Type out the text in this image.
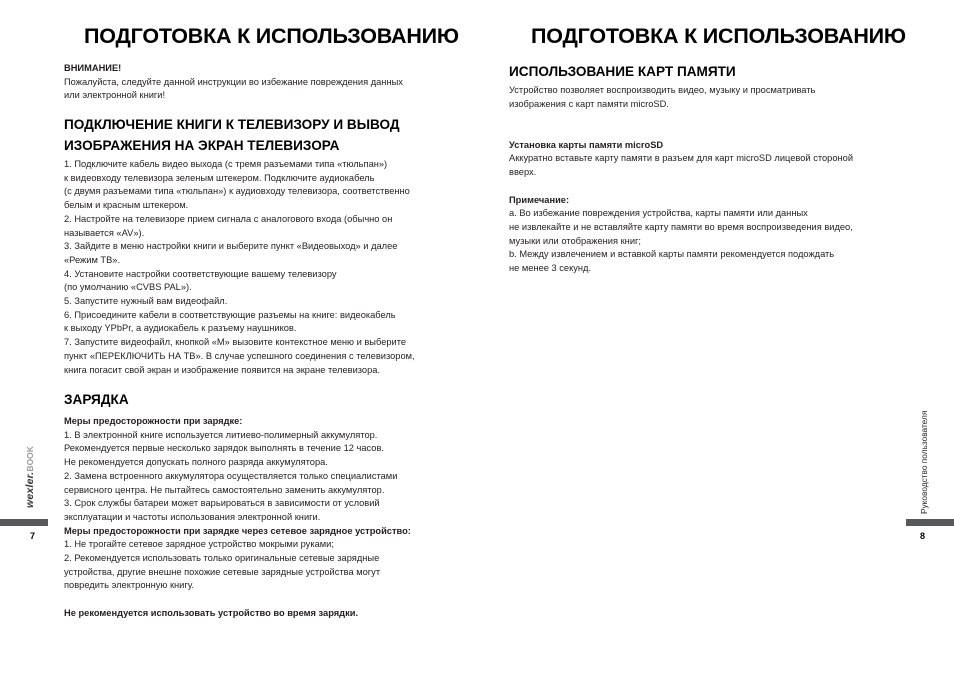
ПОДГОТОВКА К ИСПОЛЬЗОВАНИЮ

ВНИМАНИЕ!

Пожалуйста, следуйте данной инструкции во избежание повреждения данных

или электронной книги!

ПОДКЛЮЧЕНИЕ КНИГИ К ТЕЛЕВИЗОРУ И ВЫВОД
ИЗОБРАЖЕНИЯ НА ЭКРАН ТЕЛЕВИЗОРА

1. Подключите кабель видео выхода (с тремя разъемами типа «тюльпан»)

к видеовходу телевизора зеленым штекером. Подключите аудиокабель

(с двумя разъемами типа «тюльпан») к аудиовходу телевизора, соответственно

белым и красным штекером.

2. Настройте на телевизоре прием сигнала с аналогового входа (обычно он

называется «AV»).

3. Зайдите в меню настройки книги и выберите пункт «Видеовыход» и далее

«Режим ТВ».

4. Установите настройки соответствующие вашему телевизору

(по умолчанию «CVBS PAL»).

5. Запустите нужный вам видеофайл.

6. Присоедините кабели в соответствующие разъемы на книге: видеокабель

к выходу YPbPr, а аудиокабель к разъему наушников.

7. Запустите видеофайл, кнопкой «М» вызовите контекстное меню и выберите

пункт «ПЕРЕКЛЮЧИТЬ НА ТВ». В случае успешного соединения с телевизором,

книга погасит свой экран и изображение появится на экране телевизора.

ЗАРЯДКА

Меры предосторожности при зарядке:

1. В электронной книге используется литиево-полимерный аккумулятор.

Рекомендуется первые несколько зарядок выполнять в течение 12 часов.

Не рекомендуется допускать полного разряда аккумулятора.

2. Замена встроенного аккумулятора осуществляется только специалистами

сервисного центра. Не пытайтесь самостоятельно заменить аккумулятор.

3. Срок службы батареи может варьироваться в зависимости от условий

эксплуатации и частоты использования электронной книги.

Меры предосторожности при зарядке через сетевое зарядное устройство:

1. Не трогайте сетевое зарядное устройство мокрыми руками;

2. Рекомендуется использовать только оригинальные сетевые зарядные

устройства, другие внешне похожие сетевые зарядные устройства могут

повредить электронную книгу.

Не рекомендуется использовать устройство во время зарядки.

wexler.BOOK
7
ПОДГОТОВКА К ИСПОЛЬЗОВАНИЮ
ИСПОЛЬЗОВАНИЕ КАРТ ПАМЯТИ

Устройство позволяет воспроизводить видео, музыку и просматривать

изображения с карт памяти microSD.

Установка карты памяти microSD

Аккуратно вставьте карту памяти в разъем для карт microSD лицевой стороной

вверх.

Примечание:

a. Во избежание повреждения устройства, карты памяти или данных

не извлекайте и не вставляйте карту памяти во время воспроизведения видео,

музыки или отображения книг;

b. Между извлечением и вставкой карты памяти рекомендуется подождать

не менее 3 секунд.

Руководство пользователя
8
